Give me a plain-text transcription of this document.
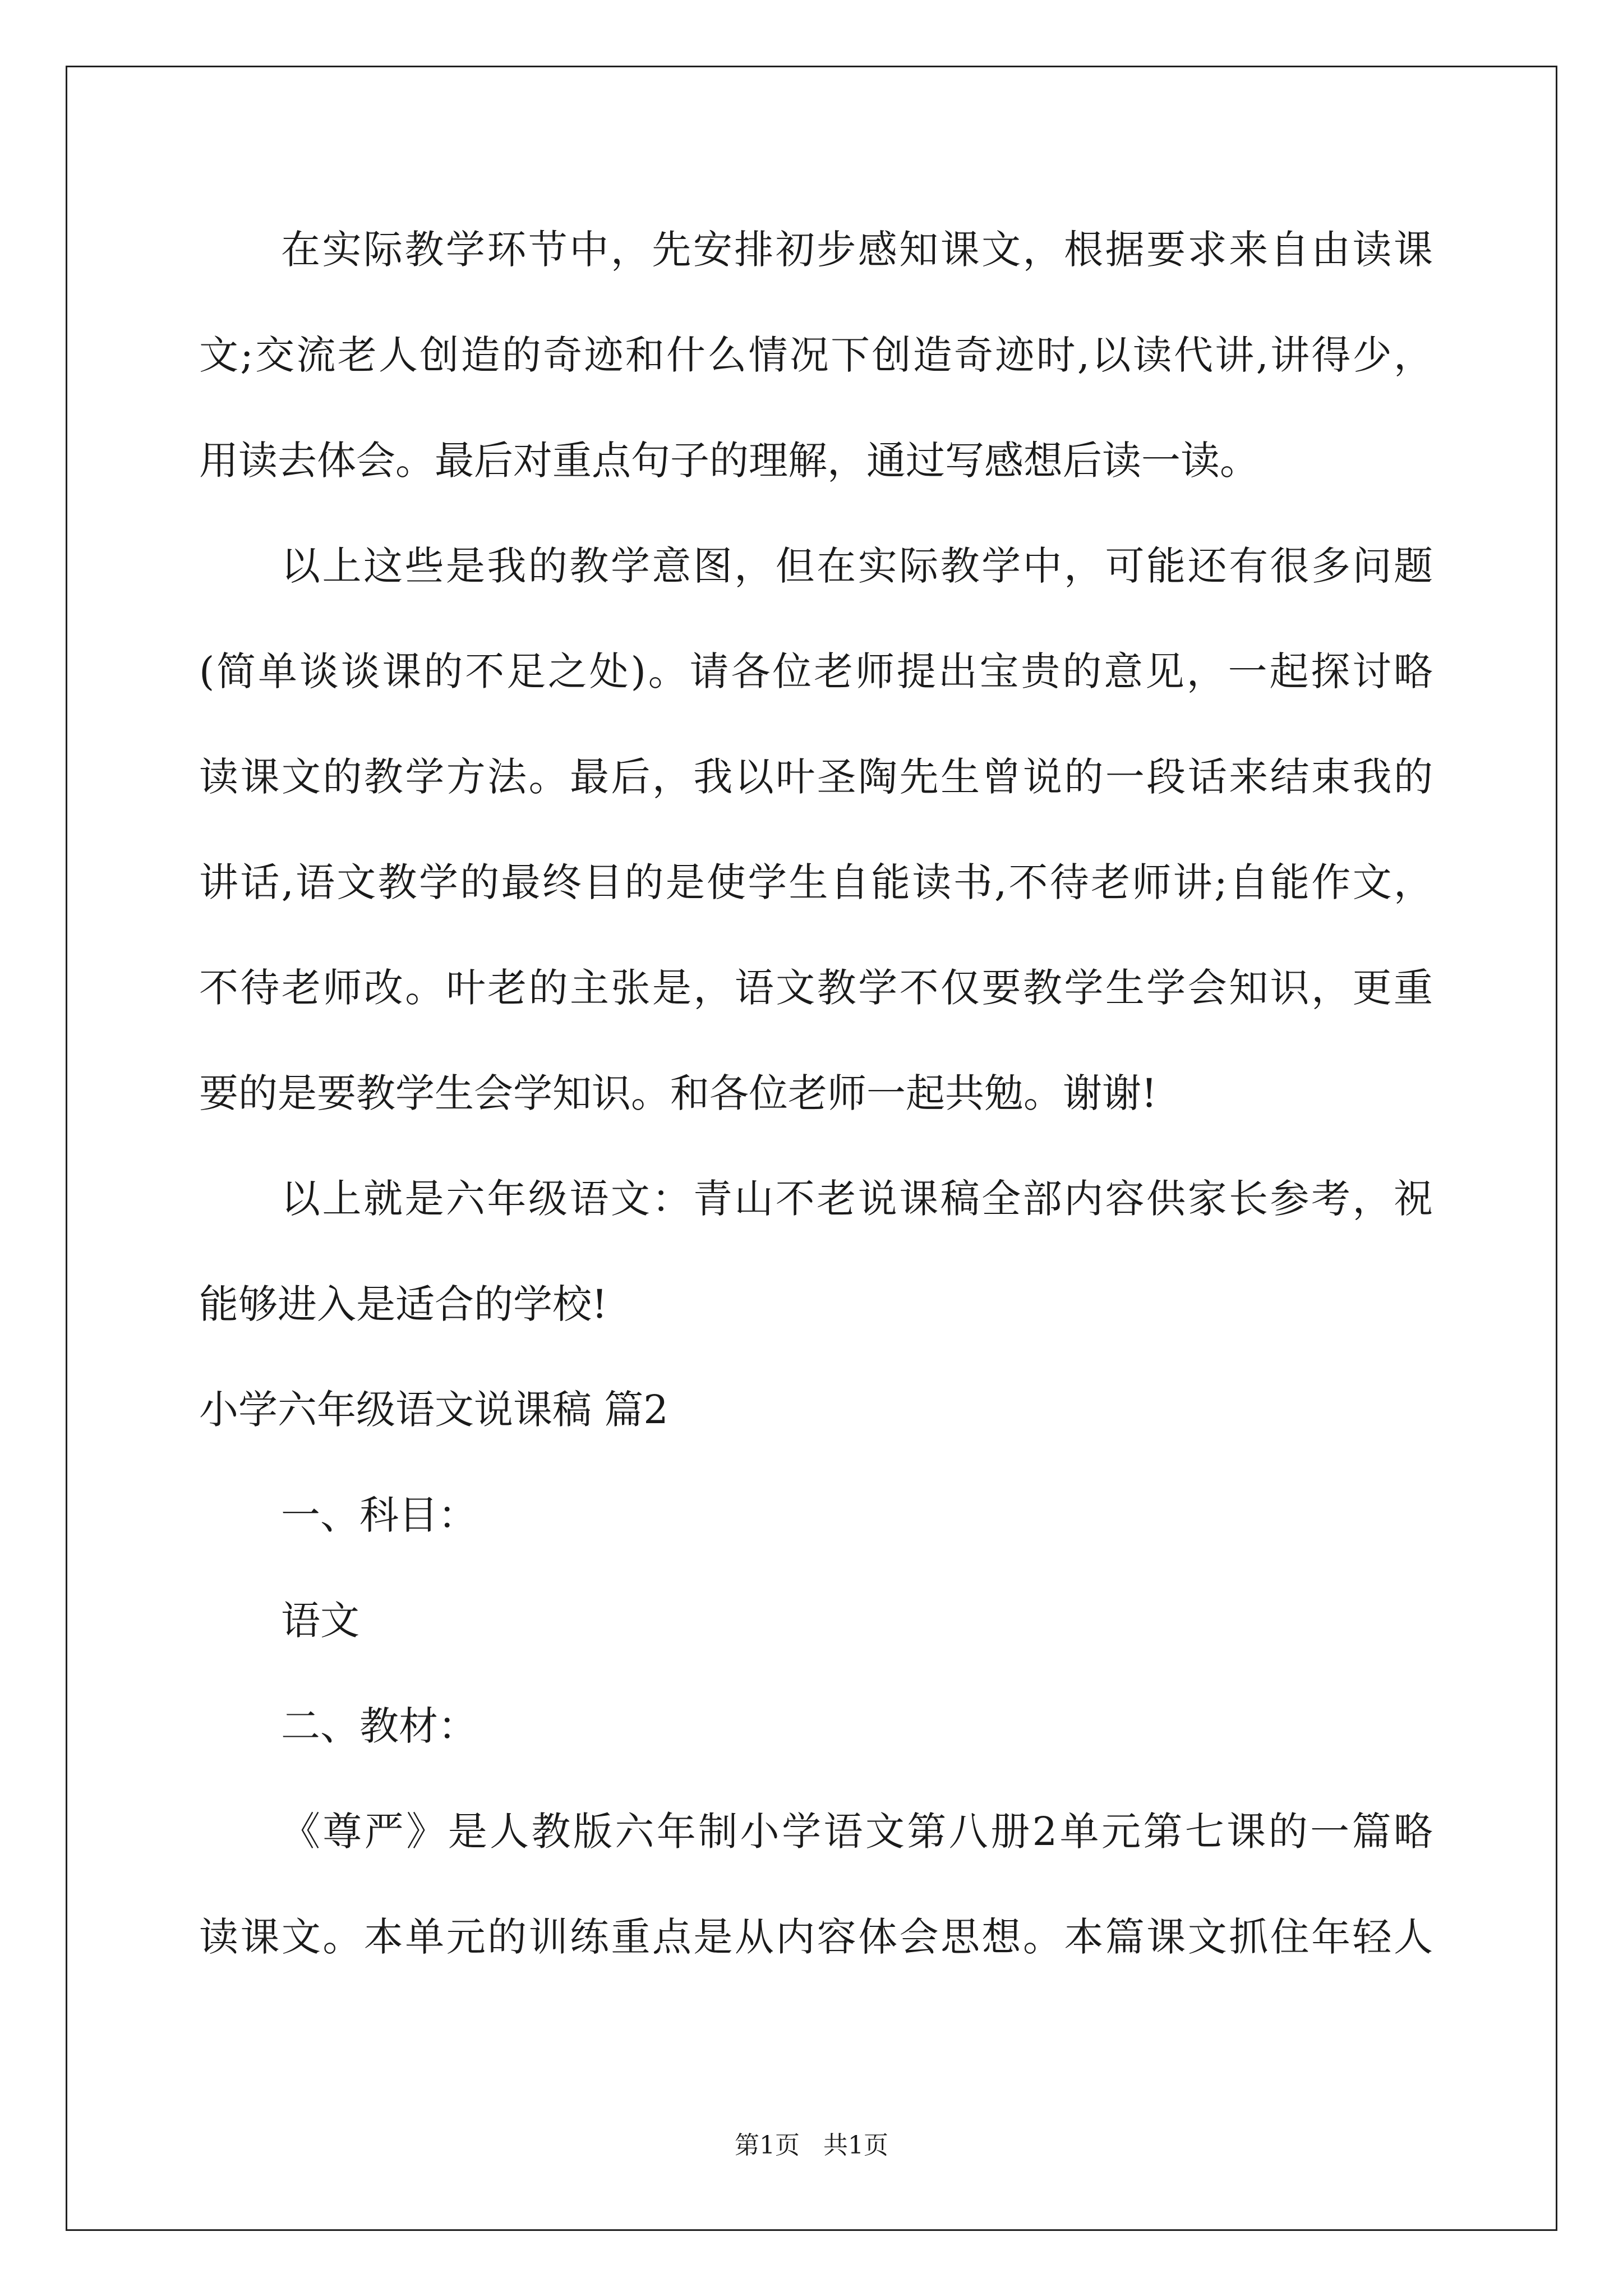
在实际教学环节中，先安排初步感知课文，根据要求来自由读课
文;交流老人创造的奇迹和什么情况下创造奇迹时,以读代讲,讲得少，
用读去体会。最后对重点句子的理解，通过写感想后读一读。
以上这些是我的教学意图，但在实际教学中，可能还有很多问题
(简单谈谈课的不足之处)。请各位老师提出宝贵的意见，一起探讨略
读课文的教学方法。最后，我以叶圣陶先生曾说的一段话来结束我的
讲话,语文教学的最终目的是使学生自能读书,不待老师讲;自能作文，
不待老师改。叶老的主张是，语文教学不仅要教学生学会知识，更重
要的是要教学生会学知识。和各位老师一起共勉。谢谢!
以上就是六年级语文：青山不老说课稿全部内容供家长参考，祝
能够进入是适合的学校!
小学六年级语文说课稿 篇2
一、科目：
语文
二、教材：
《尊严》是人教版六年制小学语文第八册2单元第七课的一篇略
读课文。本单元的训练重点是从内容体会思想。本篇课文抓住年轻人
第1页   共1页
